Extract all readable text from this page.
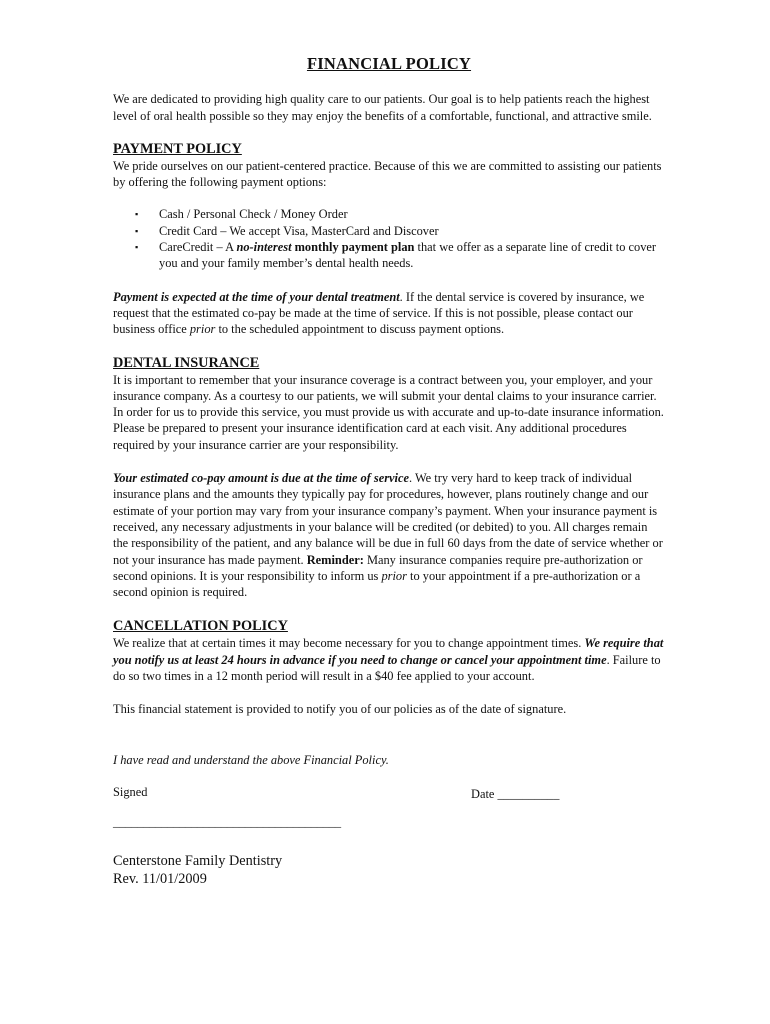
FINANCIAL POLICY

We are dedicated to providing high quality care to our patients. Our goal is to help patients reach the highest level of oral health possible so they may enjoy the benefits of a comfortable, functional, and attractive smile.

PAYMENT POLICY

We pride ourselves on our patient-centered practice. Because of this we are committed to assisting our patients by offering the following payment options:

▪ Cash / Personal Check / Money Order
▪ Credit Card – We accept Visa, MasterCard and Discover
▪ CareCredit – A no-interest monthly payment plan that we offer as a separate line of credit to cover you and your family member’s dental health needs.

Payment is expected at the time of your dental treatment. If the dental service is covered by insurance, we request that the estimated co-pay be made at the time of service. If this is not possible, please contact our business office prior to the scheduled appointment to discuss payment options.

DENTAL INSURANCE

It is important to remember that your insurance coverage is a contract between you, your employer, and your insurance company. As a courtesy to our patients, we will submit your dental claims to your insurance carrier. In order for us to provide this service, you must provide us with accurate and up-to-date insurance information. Please be prepared to present your insurance identification card at each visit. Any additional procedures required by your insurance carrier are your responsibility.

Your estimated co-pay amount is due at the time of service. We try very hard to keep track of individual insurance plans and the amounts they typically pay for procedures, however, plans routinely change and our estimate of your portion may vary from your insurance company’s payment. When your insurance payment is received, any necessary adjustments in your balance will be credited (or debited) to you. All charges remain the responsibility of the patient, and any balance will be due in full 60 days from the date of service whether or not your insurance has made payment. Reminder: Many insurance companies require pre-authorization or second opinions. It is your responsibility to inform us prior to your appointment if a pre-authorization or a second opinion is required.

CANCELLATION POLICY

We realize that at certain times it may become necessary for you to change appointment times. We require that you notify us at least 24 hours in advance if you need to change or cancel your appointment time. Failure to do so two times in a 12 month period will result in a $40 fee applied to your account.

This financial statement is provided to notify you of our policies as of the date of signature.

I have read and understand the above Financial Policy.

Signed	Date __________
______________________________________
Centerstone Family Dentistry
Rev. 11/01/2009
